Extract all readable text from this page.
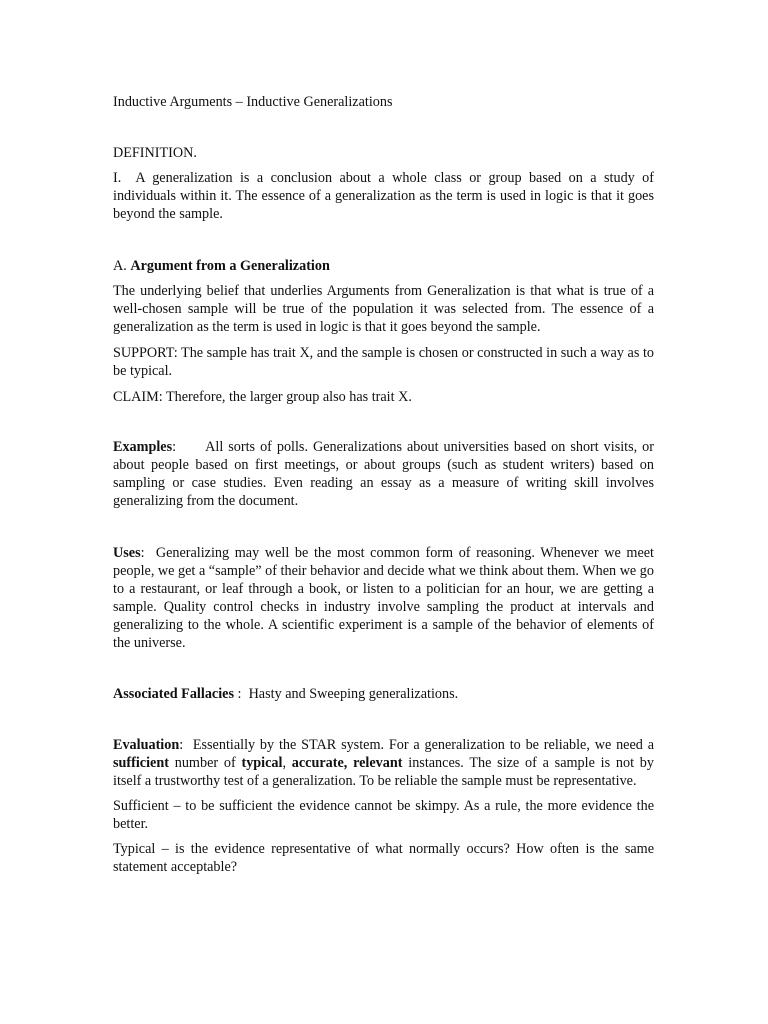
Inductive Arguments – Inductive Generalizations

DEFINITION.

I.  A generalization is a conclusion about a whole class or group based on a study of individuals within it. The essence of a generalization as the term is used in logic is that it goes beyond the sample.

A. Argument from a Generalization

The underlying belief that underlies Arguments from Generalization is that what is true of a well-chosen sample will be true of the population it was selected from. The essence of a generalization as the term is used in logic is that it goes beyond the sample.

SUPPORT: The sample has trait X, and the sample is chosen or constructed in such a way as to be typical.

CLAIM: Therefore, the larger group also has trait X.

Examples:      All sorts of polls. Generalizations about universities based on short visits, or about people based on first meetings, or about groups (such as student writers) based on sampling or case studies. Even reading an essay as a measure of writing skill involves generalizing from the document.

Uses:  Generalizing may well be the most common form of reasoning. Whenever we meet people, we get a “sample” of their behavior and decide what we think about them. When we go to a restaurant, or leaf through a book, or listen to a politician for an hour, we are getting a sample. Quality control checks in industry involve sampling the product at intervals and generalizing to the whole. A scientific experiment is a sample of the behavior of elements of the universe.

Associated Fallacies :  Hasty and Sweeping generalizations.

Evaluation:  Essentially by the STAR system. For a generalization to be reliable, we need a sufficient number of typical, accurate, relevant instances. The size of a sample is not by itself a trustworthy test of a generalization. To be reliable the sample must be representative.

Sufficient – to be sufficient the evidence cannot be skimpy. As a rule, the more evidence the better.

Typical – is the evidence representative of what normally occurs? How often is the same statement acceptable?
